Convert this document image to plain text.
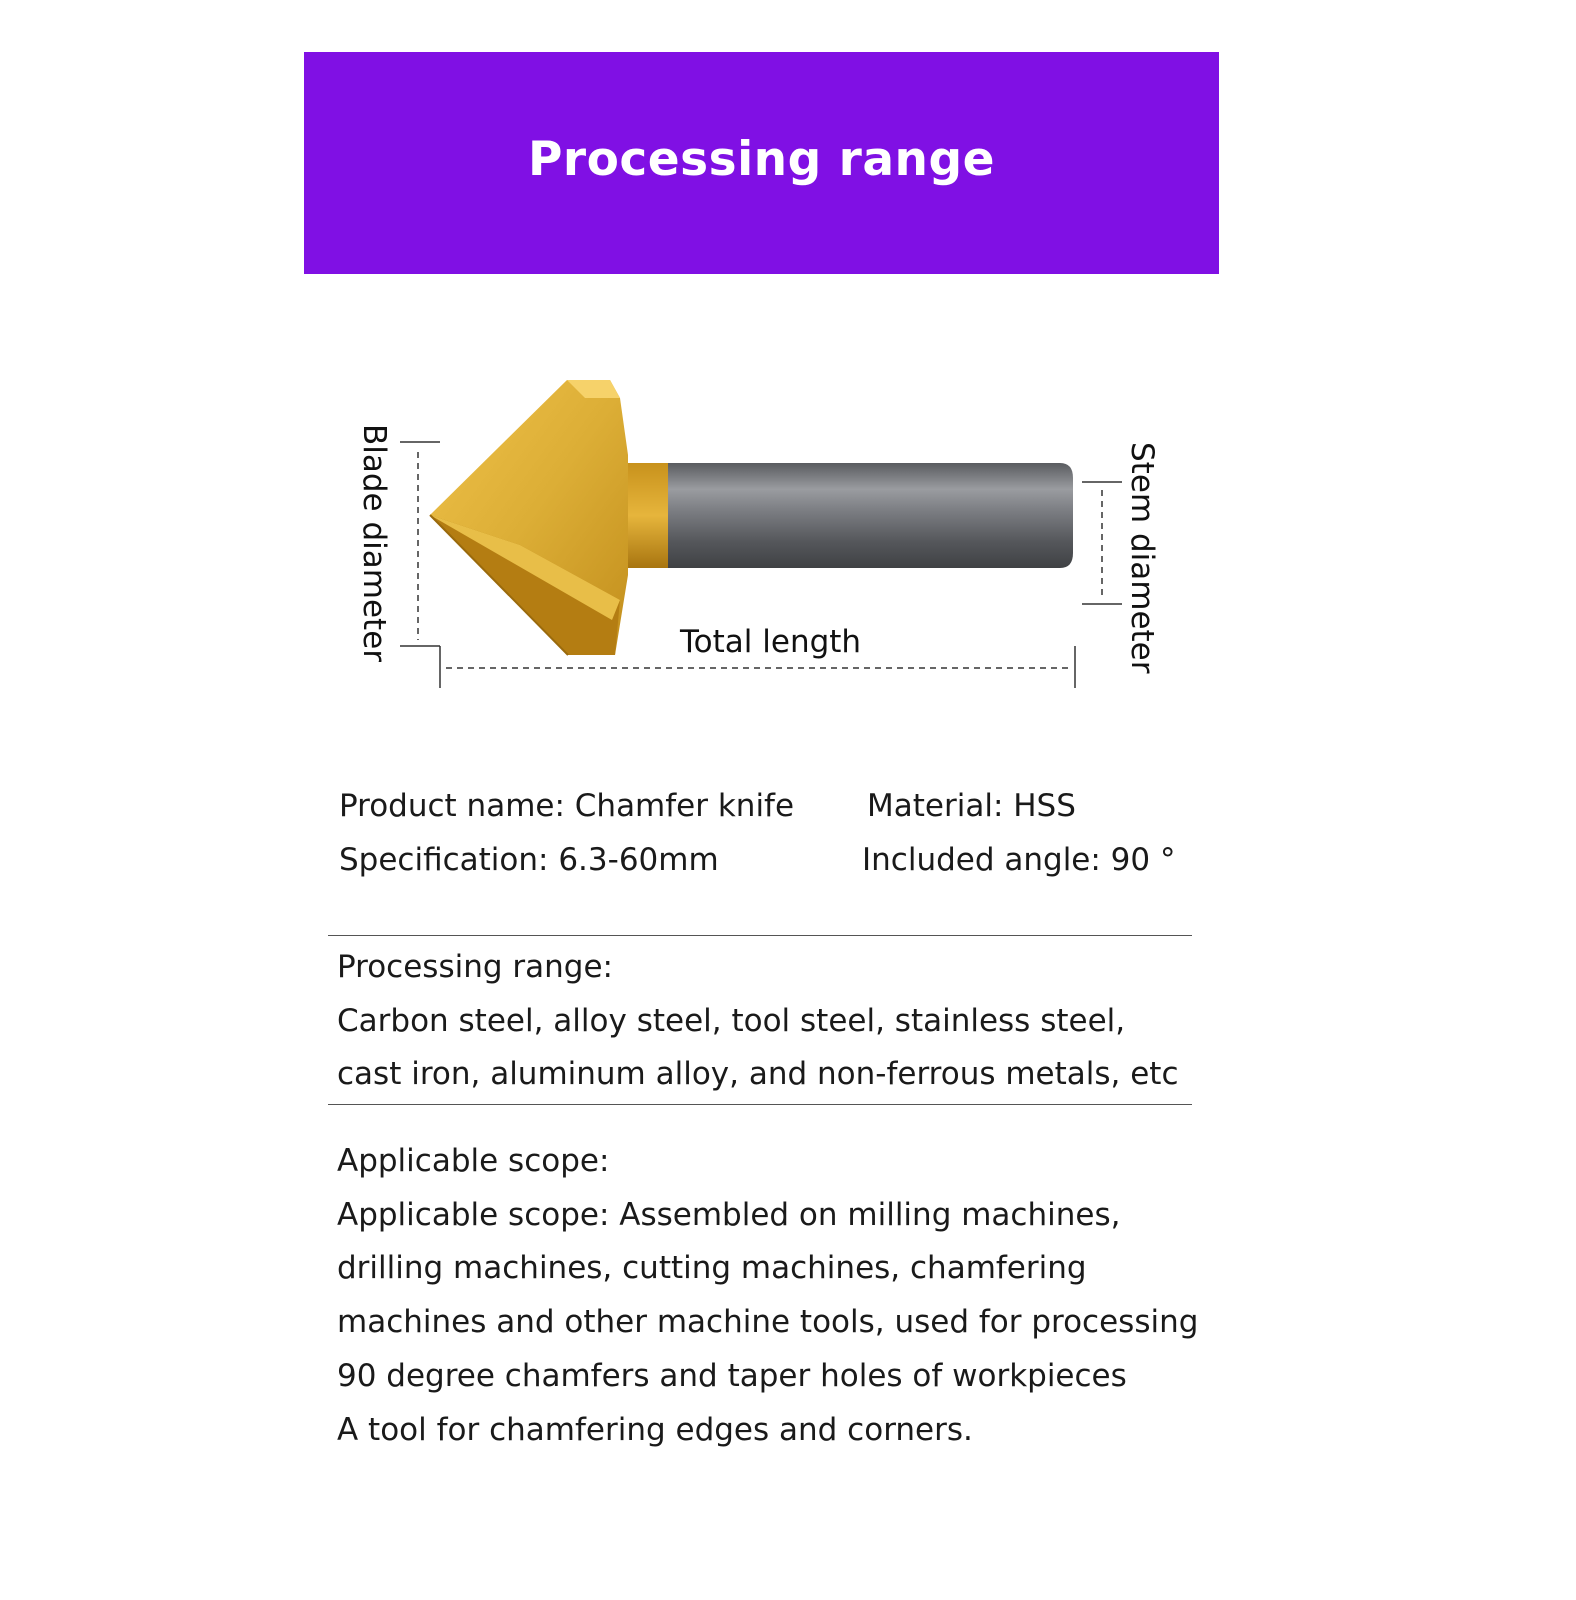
Processing range
Blade diameter	Stem diameter
Total length
Product name: Chamfer knife Material: HSS
Specification: 6.3-60mm	Included angle: 90 °
Processing range:
Carbon steel, alloy steel, tool steel, stainless steel,
cast iron, aluminum alloy, and non-ferrous metals, etc
Applicable scope:
Applicable scope: Assembled on milling machines,
drilling machines, cutting machines, chamfering
machines and other machine tools, used for processing
90 degree chamfers and taper holes of workpieces
A tool for chamfering edges and corners.
